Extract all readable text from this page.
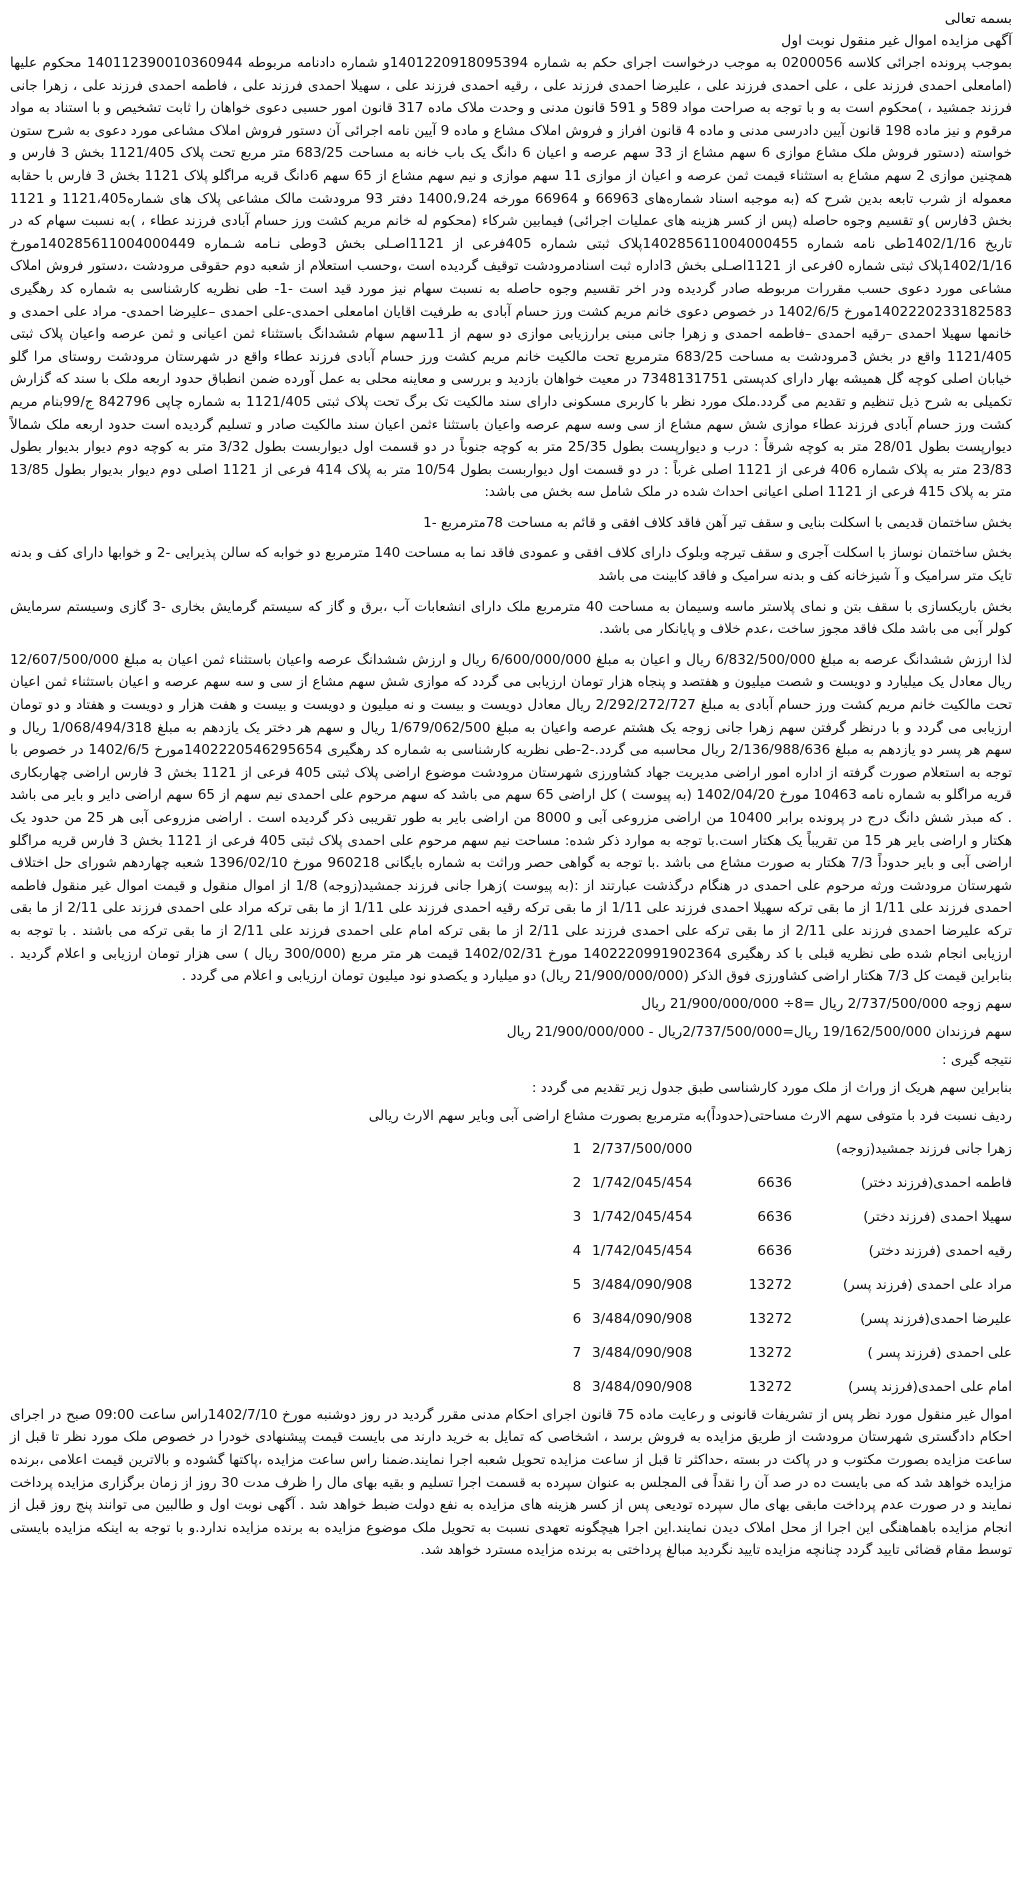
بسمه تعالی

آگهی مزایده اموال غیر منقول نوبت اول

بموجب پرونده اجرائی کلاسه 0200056 به موجب درخواست اجرای حکم به شماره 1401220918095394و شماره دادنامه مربوطه 140112390010360944 محکوم علیها (امامعلی احمدی فرزند علی ، علی احمدی فرزند علی ، علیرضا احمدی فرزند علی ، رقیه احمدی فرزند علی ، سهیلا احمدی فرزند علی ، فاطمه احمدی فرزند علی ، زهرا جانی فرزند جمشید ، )محکوم است به و با توجه به صراحت مواد 589 و 591 قانون مدنی و وحدت ملاک ماده 317 قانون امور حسبی دعوی خواهان را ثابت تشخیص و با استناد به مواد مرقوم و نیز ماده 198 قانون آیین دادرسی مدنی و ماده 4 قانون افراز و فروش املاک مشاع و ماده 9 آیین نامه اجرائی آن دستور فروش املاک مشاعی مورد دعوی به شرح ستون خواسته (دستور فروش ملک مشاع موازی 6 سهم مشاع از 33 سهم عرصه و اعیان 6 دانگ یک باب خانه به مساحت 683/25 متر مربع تحت پلاک 1121/405 بخش 3 فارس و همچنین موازی 2 سهم مشاع به استثناء قیمت ثمن عرصه و اعیان از موازی 11 سهم موازی و نیم سهم مشاع از 65 سهم 6دانگ قریه مراگلو پلاک 1121 بخش 3 فارس با حقابه معموله از شرب تابعه بدین شرح که (به موجبه اسناد شماره‌های 66963 و 66964 مورخه 1400،9،24 دفتر 93 مرودشت مالک مشاعی پلاک های شماره1121،405 و 1121 بخش 3فارس )و تقسیم وجوه حاصله (پس از کسر هزینه های عملیات اجرائی) فیمابین شرکاء (محکوم له خانم مریم کشت ورز حسام آبادی فرزند عطاء ، )به نسبت سهام که در تاریخ 1402/1/16طی نامه شماره 140285611004000455پلاک ثبتی شماره 405فرعی از 1121اصـلی بخش 3وطی نـامه شـماره 140285611004000449مورخ 1402/1/16پلاک ثبتی شماره 0فرعی از 1121اصـلی بخش 3اداره ثبت اسنادمرودشت توقیف گردیده است ،وحسب استعلام از شعبه دوم حقوقی مرودشت ،دستور فروش املاک مشاعی مورد دعوی حسب مقررات مربوطه صادر گردیده ودر اخر تقسیم وجوه حاصله به نسبت سهام نیز مورد قید است -1- طی نظریه کارشناسی به شماره کد رهگیری 1402220233182583مورخ 1402/6/5 در خصوص دعوی خانم مریم کشت ورز حسام آبادی به طرفیت اقایان امامعلی احمدی-علی احمدی –علیرضا احمدی- مراد علی احمدی و خانمها سهیلا احمدی –رقیه احمدی –فاطمه احمدی و زهرا جانی مبنی برارزیابی موازی دو سهم از 11سهم سهام ششدانگ باستثناء ثمن اعیانی و ثمن عرصه واعیان پلاک ثبتی 1121/405 واقع در بخش 3مرودشت به مساحت 683/25 مترمربع تحت مالکیت خانم مریم کشت ورز حسام آبادی فرزند عطاء واقع در شهرستان مرودشت روستای مرا گلو خیابان اصلی کوچه گل همیشه بهار دارای کدپستی 7348131751 در معیت خواهان بازدید و بررسی و معاینه محلی به عمل آورده ضمن انطباق حدود اربعه ملک با سند که گزارش تکمیلی به شرح ذیل تنظیم و تقدیم می گردد.ملک مورد نظر با کاربری مسکونی دارای سند مالکیت تک برگ تحت پلاک ثبتی 1121/405 به شماره چاپی 842796 ج/99بنام مریم کشت ورز حسام آبادی فرزند عطاء موازی شش سهم مشاع از سی وسه سهم عرصه واعیان باستثنا ءثمن اعیان سند مالکیت صادر و تسلیم گردیده است حدود اربعه ملک شمالاً دیوارپست بطول 28/01 متر به کوچه شرقاً : درب و دیوارپست بطول 25/35 متر به کوچه جنوباً در دو قسمت اول دیواربست بطول 3/32 متر به کوچه دوم دیوار بدیوار بطول 23/83 متر به پلاک شماره 406 فرعی از 1121 اصلی غرباً : در دو قسمت اول دیواربست بطول 10/54 متر به پلاک 414 فرعی از 1121 اصلی دوم دیوار بدیوار بطول 13/85 متر به پلاک 415 فرعی از 1121 اصلی اعیانی احداث شده در ملک شامل سه بخش می باشد:

بخش ساختمان قدیمی با اسکلت بنایی و سقف تیر آهن فاقد کلاف افقی و قائم به مساحت 78مترمربع -1

بخش ساختمان نوساز با اسکلت آجری و سقف تیرچه وبلوک دارای کلاف افقی و عمودی فاقد نما به مساحت 140 مترمربع دو خوابه که سالن پذیرایی -2 و خوابها دارای کف و بدنه تایک متر سرامیک و آ شیزخانه کف و بدنه سرامیک و فاقد کابینت می باشد

بخش باریکسازی با سقف بتن و نمای پلاستر ماسه وسیمان به مساحت 40 مترمربع ملک دارای انشعابات آب ،برق و گاز که سیستم گرمایش بخاری -3 گازی وسیستم سرمایش کولر آبی می باشد ملک فاقد مجوز ساخت ،عدم خلاف و پایانکار می باشد.

لذا ارزش ششدانگ عرصه به مبلغ 6/832/500/000 ریال و اعیان به مبلغ 6/600/000/000 ریال و ارزش ششدانگ عرصه واعیان باستثناء ثمن اعیان به مبلغ 12/607/500/000 ریال معادل یک میلیارد و دویست و شصت میلیون و هفتصد و پنجاه هزار تومان ارزیابی می گردد که موازی شش سهم مشاع از سی و سه سهم عرصه و اعیان باستثناء ثمن اعیان تحت مالکیت خانم مریم کشت ورز حسام آبادی به مبلغ 2/292/272/727 ریال معادل دویست و بیست و نه میلیون و دویست و بیست و هفت هزار و دویست و هفتاد و دو تومان ارزیابی می گردد و با درنظر گرفتن سهم زهرا جانی زوجه یک هشتم عرصه واعیان به مبلغ 1/679/062/500 ریال و سهم هر دختر یک یازدهم به مبلغ 1/068/494/318 ریال و سهم هر پسر دو یازدهم به مبلغ 2/136/988/636 ریال محاسبه می گردد.-2-طی نظریه کارشناسی به شماره کد رهگیری 1402220546295654مورخ 1402/6/5 در خصوص با توجه به استعلام صورت گرفته از اداره امور اراضی مدیریت جهاد کشاورزی شهرستان مرودشت موضوع اراضی پلاک ثبتی 405 فرعی از 1121 بخش 3 فارس اراضی چهاربکاری قریه مراگلو به شماره نامه 10463 مورخ 1402/04/20 (به پیوست ) کل اراضی 65 سهم می باشد که سهم مرحوم علی احمدی نیم سهم از 65 سهم اراضی دایر و بایر می باشد . که مبذر شش دانگ درج در پرونده برابر 10400 من اراضی مزروعی آبی و 8000 من اراضی بایر به طور تقریبی ذکر گردیده است . اراضی مزروعی آبی هر 25 من حدود یک هکتار و اراضی بایر هر 15 من تقریباً یک هکتار است.با توجه به موارد ذکر شده: مساحت نیم سهم مرحوم علی احمدی پلاک ثبتی 405 فرعی از 1121 بخش 3 فارس قریه مراگلو اراضی آبی و بایر حدوداً 7/3 هکتار به صورت مشاع می باشد .با توجه به گواهی حصر وراثت به شماره بایگانی 960218 مورخ 1396/02/10 شعبه چهاردهم شورای حل اختلاف شهرستان مرودشت ورثه مرحوم علی احمدی در هنگام درگذشت عبارتند از :(به پیوست )زهرا جانی فرزند جمشید(زوجه) 1/8 از اموال منقول و قیمت اموال غیر منقول فاطمه احمدی فرزند علی 1/11 از ما بقی ترکه سهیلا احمدی فرزند علی 1/11 از ما بقی ترکه رقیه احمدی فرزند علی 1/11 از ما بقی ترکه مراد علی احمدی فرزند علی 2/11 از ما بقی ترکه علیرضا احمدی فرزند علی 2/11 از ما بقی ترکه علی احمدی فرزند علی 2/11 از ما بقی ترکه امام علی احمدی فرزند علی 2/11 از ما بقی ترکه می باشند . با توجه به ارزیابی انجام شده طی نظریه قبلی با کد رهگیری 1402220991902364 مورخ 1402/02/31 قیمت هر متر مربع (300/000 ریال ) سی هزار تومان ارزیابی و اعلام گردید . بنابراین قیمت کل 7/3 هکتار اراضی کشاورزی فوق الذکر (21/900/000/000 ریال) دو میلیارد و یکصدو نود میلیون تومان ارزیابی و اعلام می گردد .

سهم زوجه 2/737/500/000 ریال =8÷ 21/900/000/000 ریال

سهم فرزندان 19/162/500/000 ریال=2/737/500/000ریال - 21/900/000/000 ریال

نتیجه گیری :

بنابراین سهم هریک از وراث از ملک مورد کارشناسی طبق جدول زیر تقدیم می گردد :

ردیف نسبت فرد با متوفی سهم الارث مساحتی(حدوداً)به مترمربع بصورت مشاع اراضی آبی وبایر سهم الارث ریالی

زهرا جانی فرزند جمشید(زوجه)
2/737/500/000
1
فاطمه احمدی(فرزند دختر)
6636
1/742/045/454
2
سهیلا احمدی (فرزند دختر)
6636
1/742/045/454
3
رقیه احمدی (فرزند دختر)
6636
1/742/045/454
4
مراد علی احمدی (فرزند پسر)
13272
3/484/090/908
5
علیرضا احمدی(فرزند پسر)
13272
3/484/090/908
6
علی احمدی (فرزند پسر )
13272
3/484/090/908
7
امام علی احمدی(فرزند پسر)
13272
3/484/090/908
8

اموال غیر منقول مورد نظر پس از تشریفات قانونی و رعایت ماده 75 قانون اجرای احکام مدنی مقرر گردید در روز دوشنبه مورخ 1402/7/10راس ساعت 09:00 صبح در اجرای احکام دادگستری شهرستان مرودشت از طریق مزایده به فروش برسد ، اشخاصی که تمایل به خرید دارند می بایست قیمت پیشنهادی خودرا در خصوص ملک مورد نظر تا قبل از ساعت مزایده بصورت مکتوب و در پاکت در بسته ،حداکثر تا قبل از ساعت مزایده تحویل شعبه اجرا نمایند.ضمنا راس ساعت مزایده ،پاکتها گشوده و بالاترین قیمت اعلامی ،برنده مزایده خواهد شد که می بایست ده در صد آن را نقداً فی المجلس به عنوان سپرده به قسمت اجرا تسلیم و بقیه بهای مال را ظرف مدت 30 روز از زمان برگزاری مزایده پرداخت نمایند و در صورت عدم پرداخت مابقی بهای مال سپرده تودیعی پس از کسر هزینه های مزایده به نفع دولت ضبط خواهد شد . آگهی نوبت اول و طالبین می توانند پنج روز قبل از انجام مزایده باهماهنگی این اجرا از محل املاک دیدن نمایند.این اجرا هیچگونه تعهدی نسبت به تحویل ملک موضوع مزایده به برنده مزایده ندارد.و با توجه به اینکه مزایده بایستی توسط مقام قضائی تایید گردد چنانچه مزایده تایید نگردید مبالغ پرداختی به برنده مزایده مسترد خواهد شد.
